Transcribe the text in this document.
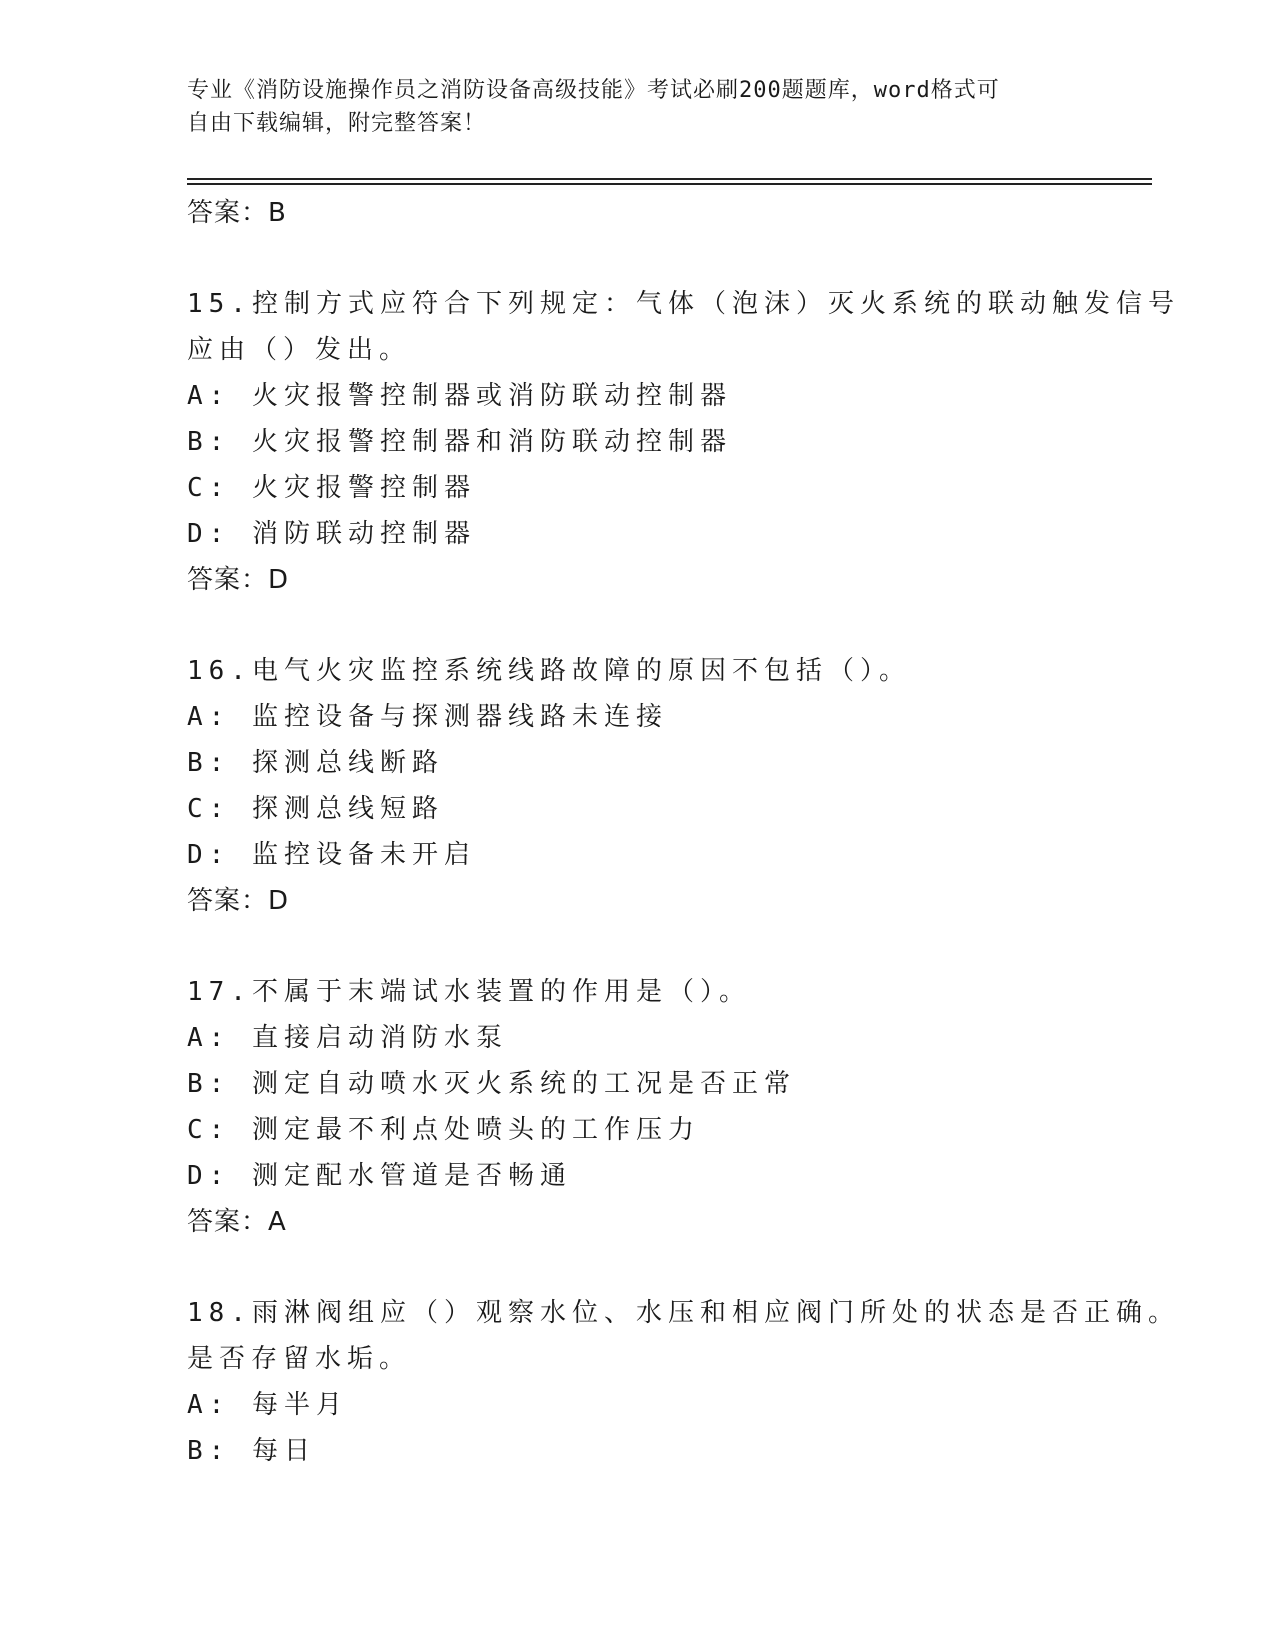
专业《消防设施操作员之消防设备高级技能》考试必刷200题题库，word格式可
自由下载编辑，附完整答案！
答案：B
15.控制方式应符合下列规定：气体（泡沫）灭火系统的联动触发信号
应由（）发出。
A: 火灾报警控制器或消防联动控制器
B: 火灾报警控制器和消防联动控制器
C: 火灾报警控制器
D: 消防联动控制器
答案：D
16.电气火灾监控系统线路故障的原因不包括（）。
A: 监控设备与探测器线路未连接
B: 探测总线断路
C: 探测总线短路
D: 监控设备未开启
答案：D
17.不属于末端试水装置的作用是（）。
A: 直接启动消防水泵
B: 测定自动喷水灭火系统的工况是否正常
C: 测定最不利点处喷头的工作压力
D: 测定配水管道是否畅通
答案：A
18.雨淋阀组应（）观察水位、水压和相应阀门所处的状态是否正确。
是否存留水垢。
A: 每半月
B: 每日
